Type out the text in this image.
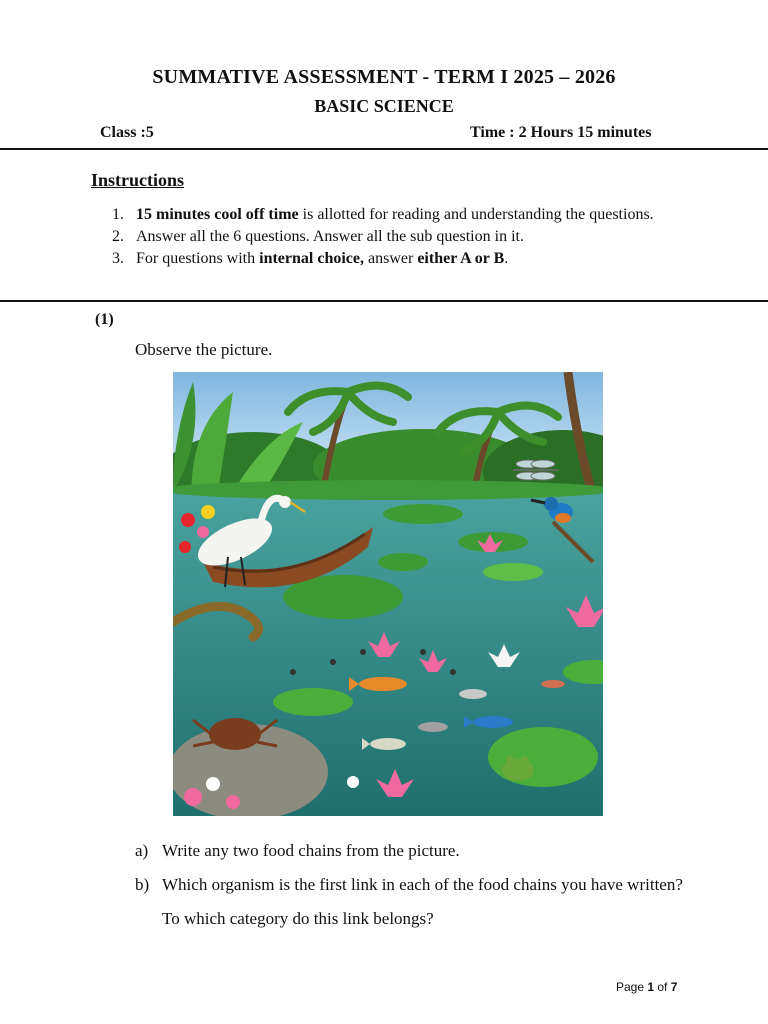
SUMMATIVE ASSESSMENT - TERM I 2025 – 2026
BASIC SCIENCE
Class :5	Time : 2 Hours 15 minutes
Instructions
1. 15 minutes cool off time is allotted for reading and understanding the questions.
2. Answer all the 6 questions. Answer all the sub question in it.
3. For questions with internal choice, answer either A or B.
(1)
Observe the picture.
a) Write any two food chains from the picture.
b) Which organism is the first link in each of the food chains you have written? To which category do this link belongs?
Page 1 of 7
